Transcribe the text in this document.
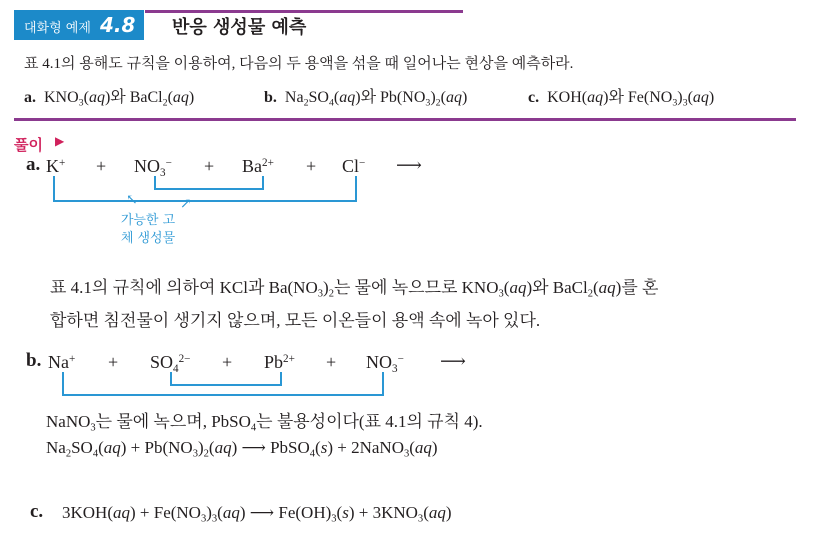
대화형 예제 4.8 반응 생성물 예측
표 4.1의 용해도 규칙을 이용하여, 다음의 두 용액을 섞을 때 일어나는 현상을 예측하라.
a. $KNO_3(aq)$와 BaCl$_2$(aq)	b. $Na_2SO_4(aq)$와 $Pb(NO_3)_2(aq)$	c. KOH(aq)와 $Fe(NO_3)_3(aq)$
풀이 ▶
a. $K^+ + NO_3^- + Ba^{2+} + Cl^-$ ⟶
↖	↗
가능한 고체 생성물
표 4.1의 규칙에 의하여 KCl과 $Ba(NO_3)_2$는 물에 녹으므로 $KNO_3(aq)$와 BaCl$_2$(aq)를 혼
합하면 침전물이 생기지 않으며, 모든 이온들이 용액 속에 녹아 있다.
b. $Na^+ + SO_4^{2-} + Pb^{2+} + NO_3^-$ ⟶
NaNO$_3$는 물에 녹으며, PbSO$_4$는 불용성이다(표 4.1의 규칙 4).
$Na_2SO_4(aq) + Pb(NO_3)_2(aq)$ ⟶ PbSO$_4$(s) + 2NaNO$_3$(aq)
c. $3KOH(aq) + Fe(NO_3)_3(aq)$ ⟶ $Fe(OH)_3(s) + 3KNO_3(aq)$
